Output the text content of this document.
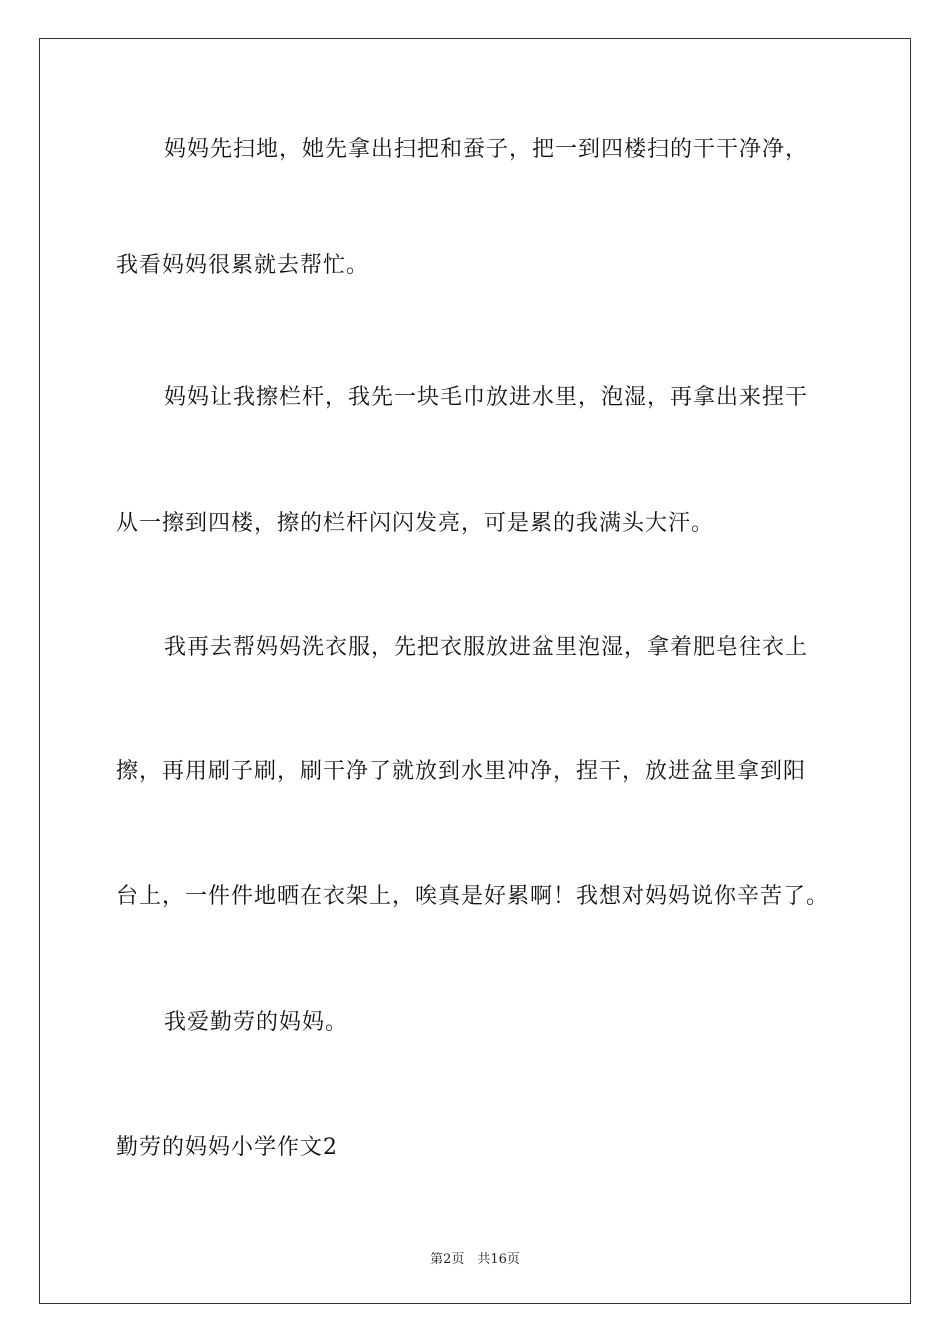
妈妈先扫地，她先拿出扫把和蚕子，把一到四楼扫的干干净净，
我看妈妈很累就去帮忙。
妈妈让我擦栏杆，我先一块毛巾放进水里，泡湿，再拿出来捏干
从一擦到四楼，擦的栏杆闪闪发亮，可是累的我满头大汗。
我再去帮妈妈洗衣服，先把衣服放进盆里泡湿，拿着肥皂往衣上
擦，再用刷子刷，刷干净了就放到水里冲净，捏干，放进盆里拿到阳
台上，一件件地晒在衣架上，唉真是好累啊！我想对妈妈说你辛苦了。
我爱勤劳的妈妈。
勤劳的妈妈小学作文2
第2页　共16页
